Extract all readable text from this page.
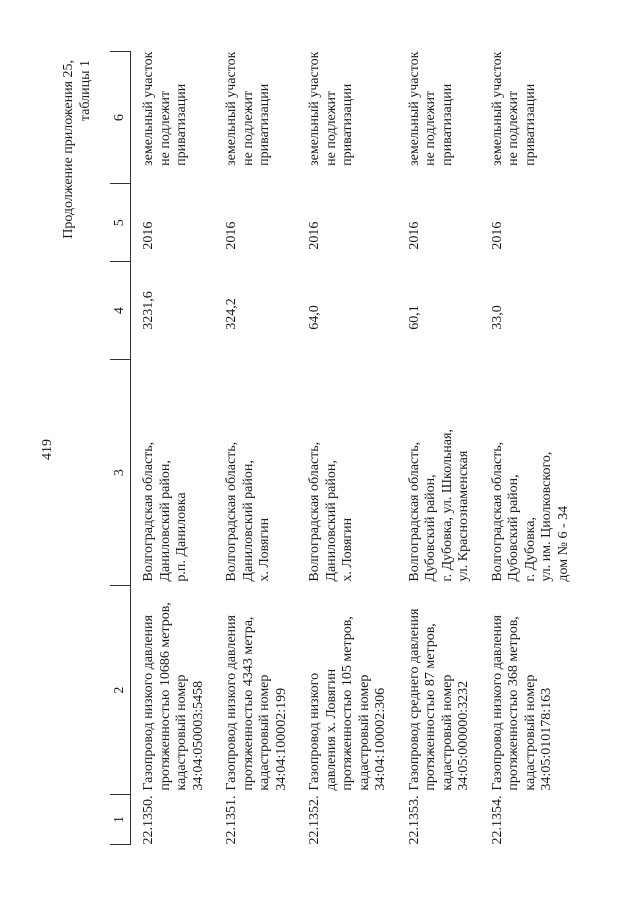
419
Продолжение приложения 25, таблицы 1
1	2	3	4	5	6
22.1350.	Газопровод низкого давления протяженностью 10686 метров, кадастровый номер 34:04:050003:5458	Волгоградская область, Даниловский район, р.п. Даниловка	3231,6	2016	земельный участок не подлежит приватизации

22.1351.	Газопровод низкого давления протяженностью 4343 метра, кадастровый номер 34:04:100002:199	Волгоградская область, Даниловский район, х. Ловягин	324,2	2016	земельный участок не подлежит приватизации

22.1352.	Газопровод низкого давления х. Ловягин протяженностью 105 метров, кадастровый номер 34:04:100002:306	Волгоградская область, Даниловский район, х. Ловягин	64,0	2016	земельный участок не подлежит приватизации

22.1353.	Газопровод среднего давления протяженностью 87 метров, кадастровый номер 34:05:000000:3232	Волгоградская область, Дубовский район, г. Дубовка, ул. Школьная, ул. Краснознаменская	60,1	2016	земельный участок не подлежит приватизации

22.1354.	Газопровод низкого давления протяженностью 368 метров, кадастровый номер 34:05:010178:163	Волгоградская область, Дубовский район, г. Дубовка, ул. им. Циолковского, дом № 6 - 34	33,0	2016	земельный участок не подлежит приватизации
